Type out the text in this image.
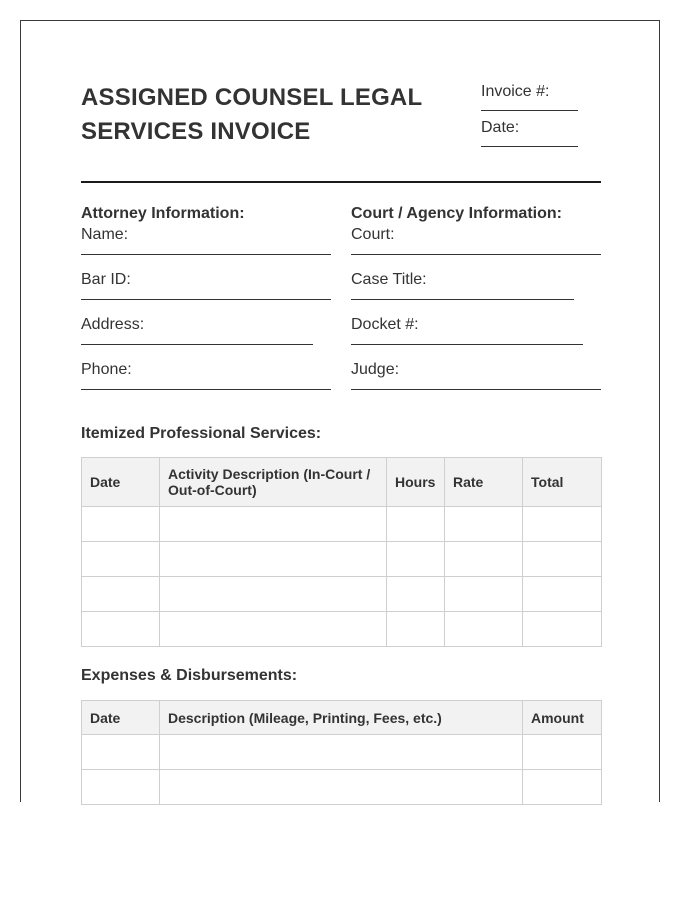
ASSIGNED COUNSEL LEGAL
SERVICES INVOICE
Invoice #:
Date:
Attorney Information:
Name:
Bar ID:
Address:
Phone:
Court / Agency Information:
Court:
Case Title:
Docket #:
Judge:
Itemized Professional Services:
Date	Activity Description (In-Court / Out-of-Court)	Hours	Rate	Total

Expenses & Disbursements:
Date	Description (Mileage, Printing, Fees, etc.)	Amount
